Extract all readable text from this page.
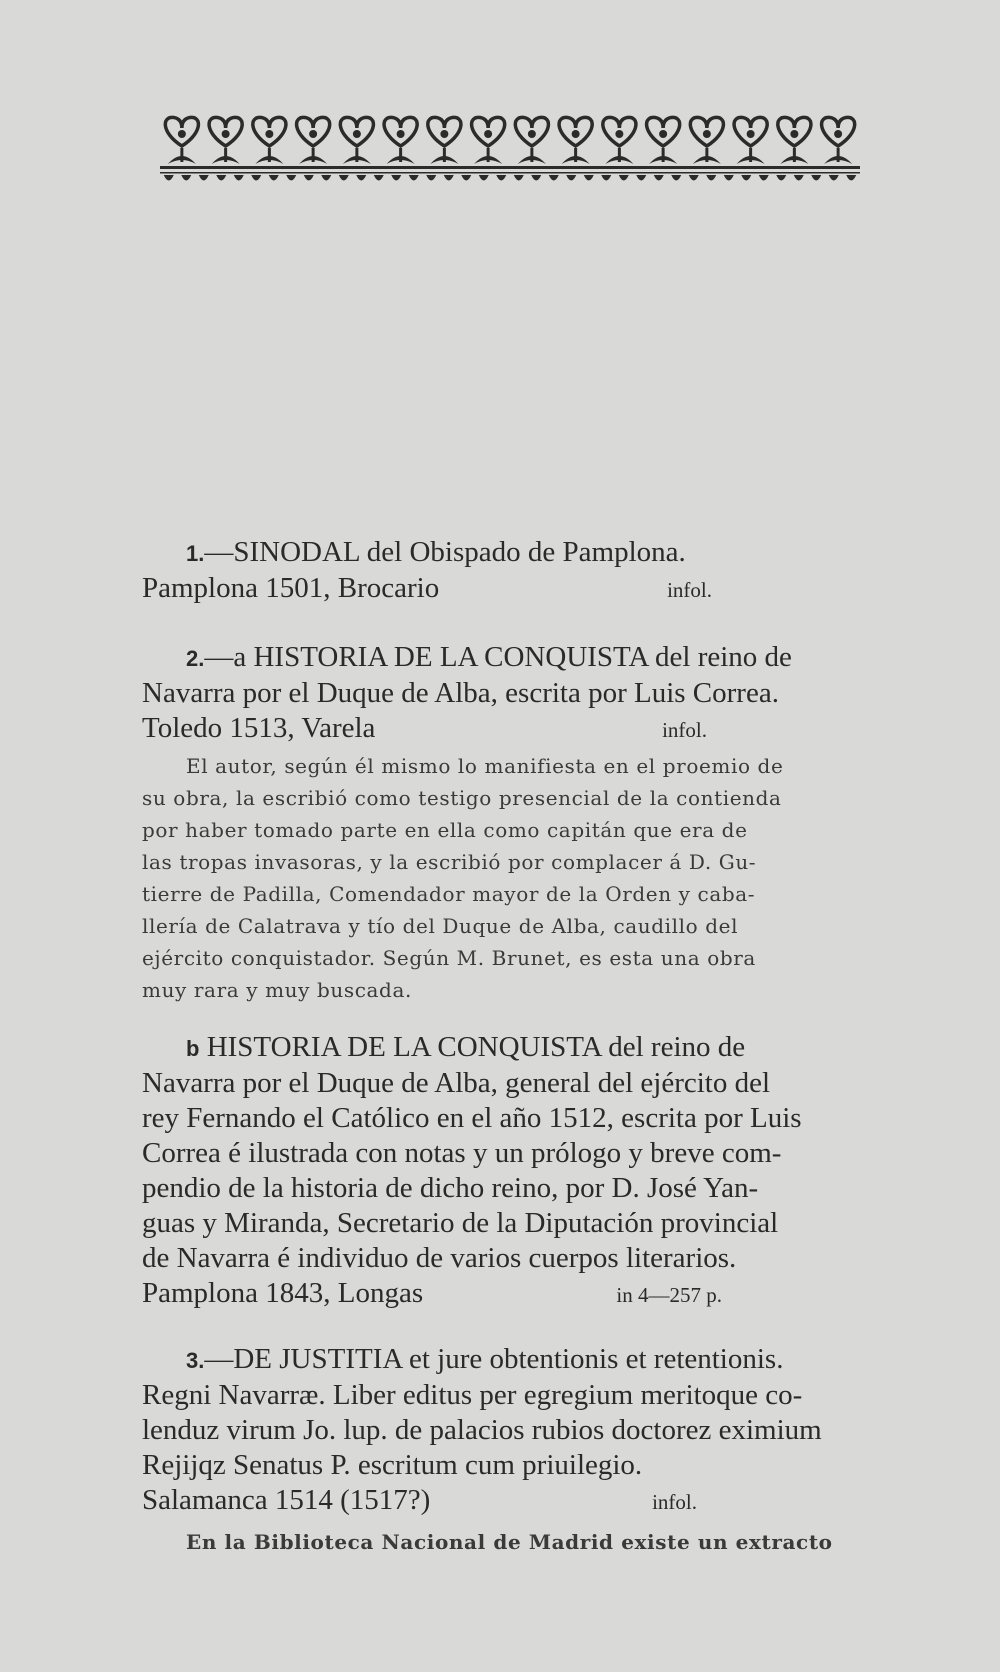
1.—SINODAL del Obispado de Pamplona.
Pamplona 1501, Brocario	infol.
2.—a HISTORIA DE LA CONQUISTA del reino de
Navarra por el Duque de Alba, escrita por Luis Correa.
Toledo 1513, Varela	infol.
El autor, según él mismo lo manifiesta en el proemio de
su obra, la escribió como testigo presencial de la contienda
por haber tomado parte en ella como capitán que era de
las tropas invasoras, y la escribió por complacer á D. Gu-
tierre de Padilla, Comendador mayor de la Orden y caba-
llería de Calatrava y tío del Duque de Alba, caudillo del
ejército conquistador. Según M. Brunet, es esta una obra
muy rara y muy buscada.
b HISTORIA DE LA CONQUISTA del reino de
Navarra por el Duque de Alba, general del ejército del
rey Fernando el Católico en el año 1512, escrita por Luis
Correa é ilustrada con notas y un prólogo y breve com-
pendio de la historia de dicho reino, por D. José Yan-
guas y Miranda, Secretario de la Diputación provincial
de Navarra é individuo de varios cuerpos literarios.
Pamplona 1843, Longas	in 4—257 p.
3.—DE JUSTITIA et jure obtentionis et retentionis.
Regni Navarræ. Liber editus per egregium meritoque co-
lenduz virum Jo. lup. de palacios rubios doctorez eximium
Rejijqz Senatus P. escritum cum priuilegio.
Salamanca 1514 (1517?)	infol.
En la Biblioteca Nacional de Madrid existe un extracto
